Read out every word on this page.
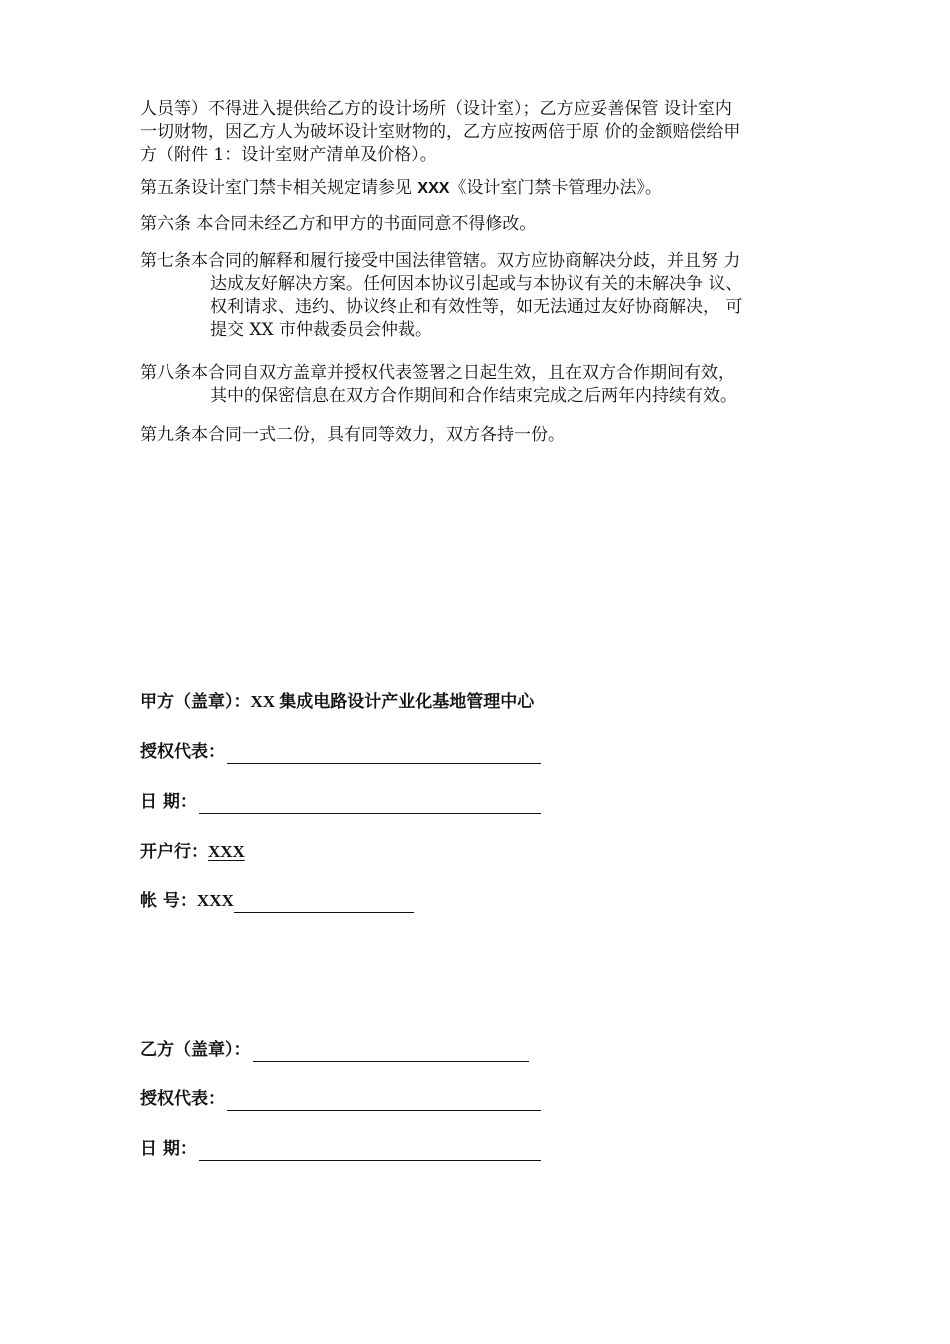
人员等）不得进入提供给乙方的设计场所（设计室）；乙方应妥善保管 设计室内
一切财物，因乙方人为破坏设计室财物的，乙方应按两倍于原 价的金额赔偿给甲
方（附件 1：设计室财产清单及价格）。

第五条设计室门禁卡相关规定请参见 XXX《设计室门禁卡管理办法》。

第六条 本合同未经乙方和甲方的书面同意不得修改。

第七条本合同的解释和履行接受中国法律管辖。双方应协商解决分歧，并且努 力
达成友好解决方案。任何因本协议引起或与本协议有关的未解决争 议、
权利请求、违约、协议终止和有效性等，如无法通过友好协商解决， 可
提交 XX 市仲裁委员会仲裁。

第八条本合同自双方盖章并授权代表签署之日起生效，且在双方合作期间有效，
其中的保密信息在双方合作期间和合作结束完成之后两年内持续有效。

第九条本合同一式二份，具有同等效力，双方各持一份。

甲方（盖章）： XX 集成电路设计产业化基地管理中心
授权代表：
日 期：
开户行： XXX
帐 号： XXX
乙方（盖章）：
授权代表：
日 期：
